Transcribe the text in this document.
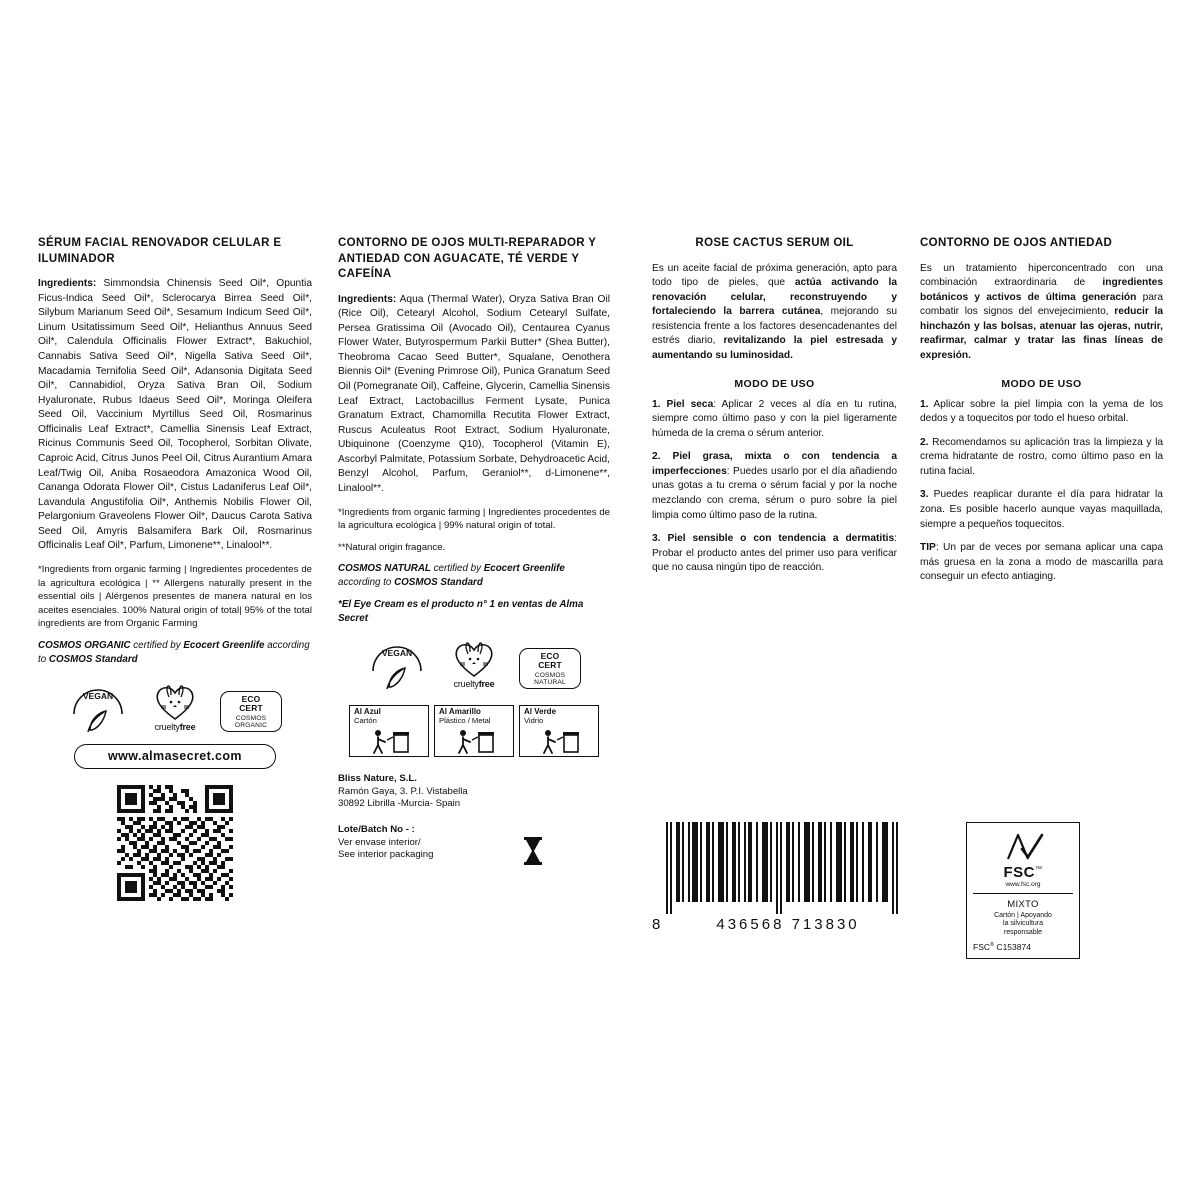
SÉRUM FACIAL RENOVADOR CELULAR E ILUMINADOR

Ingredients: Simmondsia Chinensis Seed Oil*, Opuntia Ficus-Indica Seed Oil*, Sclerocarya Birrea Seed Oil*, Silybum Marianum Seed Oil*, Sesamum Indicum Seed Oil*, Linum Usitatissimum Seed Oil*, Helianthus Annuus Seed Oil*, Calendula Officinalis Flower Extract*, Bakuchiol, Cannabis Sativa Seed Oil*, Nigella Sativa Seed Oil*, Macadamia Ternifolia Seed Oil*, Adansonia Digitata Seed Oil*, Cannabidiol, Oryza Sativa Bran Oil, Sodium Hyaluronate, Rubus Idaeus Seed Oil*, Moringa Oleifera Seed Oil, Vaccinium Myrtillus Seed Oil, Rosmarinus Officinalis Leaf Extract*, Camellia Sinensis Leaf Extract, Ricinus Communis Seed Oil, Tocopherol, Sorbitan Olivate, Caproic Acid, Citrus Junos Peel Oil, Citrus Aurantium Amara Leaf/Twig Oil, Aniba Rosaeodora Amazonica Wood Oil, Cananga Odorata Flower Oil*, Cistus Ladaniferus Leaf Oil*, Lavandula Angustifolia Oil*, Anthemis Nobilis Flower Oil, Pelargonium Graveolens Flower Oil*, Daucus Carota Sativa Seed Oil, Amyris Balsamifera Bark Oil, Rosmarinus Officinalis Leaf Oil*, Parfum, Limonene**, Linalool**.

*Ingredients from organic farming | Ingredientes procedentes de la agricultura ecológica | ** Allergens naturally present in the essential oils | Alérgenos presentes de manera natural en los aceites esenciales. 100% Natural origin of total| 95% of the total ingredients are from Organic Farming

COSMOS ORGANIC certified by Ecocert Greenlife according to COSMOS Standard

VEGAN
crueltyfree
ECO
CERT
COSMOS ORGANIC
www.almasecret.com
CONTORNO DE OJOS MULTI-REPARADOR Y ANTIEDAD CON AGUACATE, TÉ VERDE Y CAFEÍNA

Ingredients: Aqua (Thermal Water), Oryza Sativa Bran Oil (Rice Oil), Cetearyl Alcohol, Sodium Cetearyl Sulfate, Persea Gratissima Oil (Avocado Oil), Centaurea Cyanus Flower Water, Butyrospermum Parkii Butter* (Shea Butter), Theobroma Cacao Seed Butter*, Squalane, Oenothera Biennis Oil* (Evening Primrose Oil), Punica Granatum Seed Oil (Pomegranate Oil), Caffeine, Glycerin, Camellia Sinensis Leaf Extract, Lactobacillus Ferment Lysate, Punica Granatum Extract, Chamomilla Recutita Flower Extract, Ruscus Aculeatus Root Extract, Sodium Hyaluronate, Ubiquinone (Coenzyme Q10), Tocopherol (Vitamin E), Ascorbyl Palmitate, Potassium Sorbate, Dehydroacetic Acid, Benzyl Alcohol, Parfum, Geraniol**, d-Limonene**, Linalool**.

*Ingredients from organic farming | Ingredientes procedentes de la agricultura ecológica | 99% natural origin of total.

**Natural origin fragance.

COSMOS NATURAL certified by Ecocert Greenlife according to COSMOS Standard

*El Eye Cream es el producto n° 1 en ventas de Alma Secret

VEGAN
crueltyfree
ECO
CERT
COSMOS NATURAL
Al Azul
Cartón
Al Amarillo
Plástico / Metal
Al Verde
Vidrio
Bliss Nature, S.L.
Ramón Gaya, 3. P.I. Vistabella
30892 Librilla -Murcia- Spain
Lote/Batch No - :
Ver envase interior/
See interior packaging
ROSE CACTUS SERUM OIL

Es un aceite facial de próxima generación, apto para todo tipo de pieles, que actúa activando la renovación celular, reconstruyendo y fortaleciendo la barrera cutánea, mejorando su resistencia frente a los factores desencadenantes del estrés diario, revitalizando la piel estresada y aumentando su luminosidad.

MODO DE USO

1. Piel seca: Aplicar 2 veces al día en tu rutina, siempre como último paso y con la piel ligeramente húmeda de la crema o sérum anterior.

2. Piel grasa, mixta o con tendencia a imperfecciones: Puedes usarlo por el día añadiendo unas gotas a tu crema o sérum facial y por la noche mezclando con crema, sérum o puro sobre la piel limpia como último paso de la rutina.

3. Piel sensible o con tendencia a dermatitis: Probar el producto antes del primer uso para verificar que no causa ningún tipo de reacción.

CONTORNO DE OJOS ANTIEDAD

Es un tratamiento hiperconcentrado con una combinación extraordinaria de ingredientes botánicos y activos de última generación para combatir los signos del envejecimiento, reducir la hinchazón y las bolsas, atenuar las ojeras, nutrir, reafirmar, calmar y tratar las finas líneas de expresión.

MODO DE USO

1. Aplicar sobre la piel limpia con la yema de los dedos y a toquecitos por todo el hueso orbital.

2. Recomendamos su aplicación tras la limpieza y la crema hidratante de rostro, como último paso en la rutina facial.

3. Puedes reaplicar durante el día para hidratar la zona. Es posible hacerlo aunque vayas maquillada, siempre a pequeños toquecitos.

TIP: Un par de veces por semana aplicar una capa más gruesa en la zona a modo de mascarilla para conseguir un efecto antiaging.

8	436568 713830
FSC™
www.fsc.org
MIXTO
Cartón | Apoyando
la silvicultura
responsable
FSC® C153874
